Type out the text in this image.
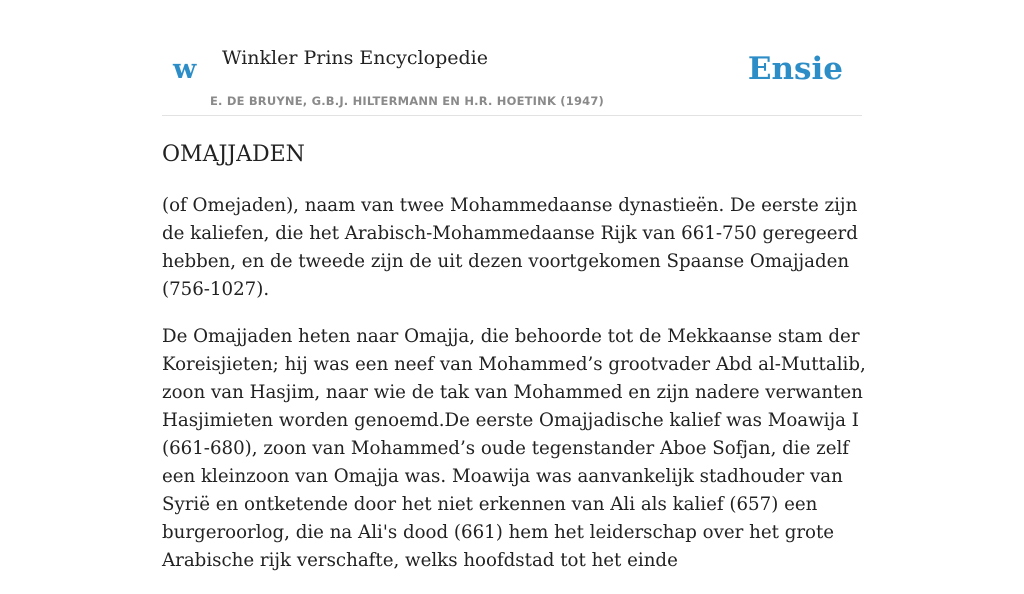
w Winkler Prins Encyclopedie
E. DE BRUYNE, G.B.J. HILTERMANN EN H.R. HOETINK (1947)
Ensie
OMAJJADEN

(of Omejaden), naam van twee Mohammedaanse dynastieën. De eerste zijn de kaliefen, die het Arabisch-Mohammedaanse Rijk van 661-750 geregeerd hebben, en de tweede zijn de uit dezen voortgekomen Spaanse Omajjaden (756-1027).

De Omajjaden heten naar Omajja, die behoorde tot de Mekkaanse stam der Koreisjieten; hij was een neef van Mohammed’s grootvader Abd al-Muttalib, zoon van Hasjim, naar wie de tak van Mohammed en zijn nadere verwanten Hasjimieten worden genoemd.De eerste Omajjadische kalief was Moawija I (661-680), zoon van Mohammed’s oude tegenstander Aboe Sofjan, die zelf een kleinzoon van Omajja was. Moawija was aanvankelijk stadhouder van Syrië en ontketende door het niet erkennen van Ali als kalief (657) een burgeroorlog, die na Ali's dood (661) hem het leiderschap over het grote Arabische rijk verschafte, welks hoofdstad tot het einde
